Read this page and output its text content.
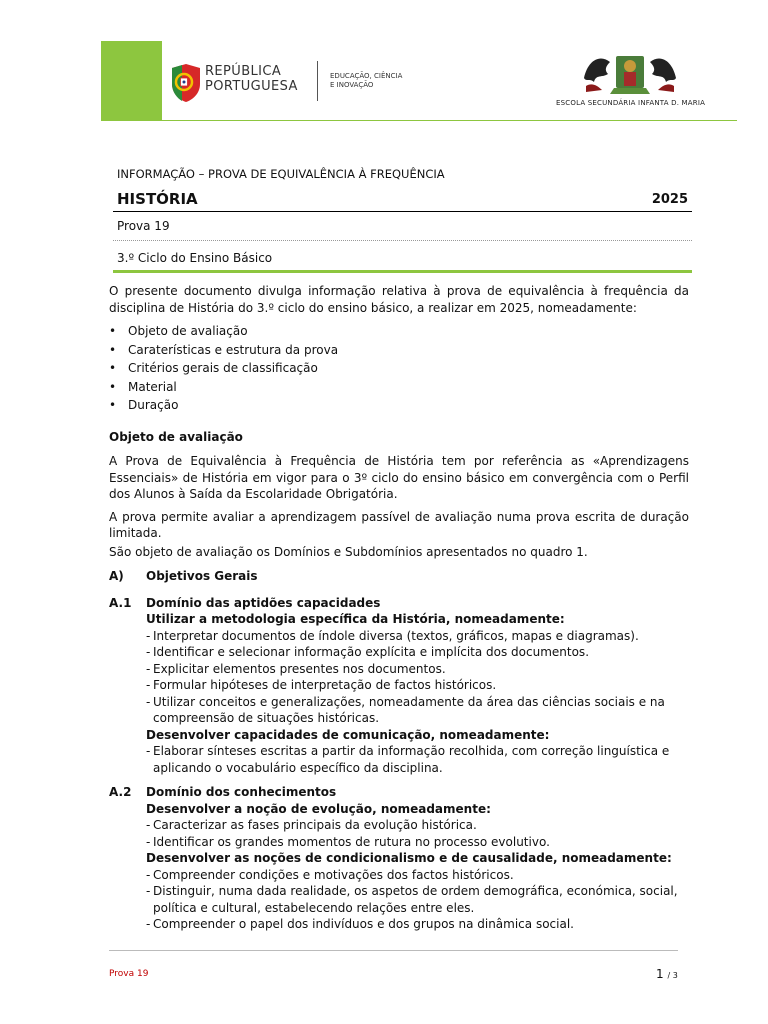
REPÚBLICA
PORTUGUESA
EDUCAÇÃO, CIÊNCIA
E INOVAÇÃO
ESCOLA SECUNDÁRIA INFANTA D. MARIA
INFORMAÇÃO – PROVA DE EQUIVALÊNCIA À FREQUÊNCIA
HISTÓRIA	2025
Prova 19
3.º Ciclo do Ensino Básico

O presente documento divulga informação relativa à prova de equivalência à frequência da disciplina de História do 3.º ciclo do ensino básico, a realizar em 2025, nomeadamente:

• Objeto de avaliação
• Caraterísticas e estrutura da prova
• Critérios gerais de classificação
• Material
• Duração
Objeto de avaliação

A Prova de Equivalência à Frequência de História tem por referência as «Aprendizagens Essenciais» de História em vigor para o 3º ciclo do ensino básico em convergência com o Perfil dos Alunos à Saída da Escolaridade Obrigatória.

A prova permite avaliar a aprendizagem passível de avaliação numa prova escrita de duração limitada.

São objeto de avaliação os Domínios e Subdomínios apresentados no quadro 1.

A)	Objetivos Gerais
A.1	Domínio das aptidões capacidades

Utilizar a metodologia específica da História, nomeadamente:

- Interpretar documentos de índole diversa (textos, gráficos, mapas e diagramas).

- Identificar e selecionar informação explícita e implícita dos documentos.

- Explicitar elementos presentes nos documentos.

- Formular hipóteses de interpretação de factos históricos.

- Utilizar conceitos e generalizações, nomeadamente da área das ciências sociais e na compreensão de situações históricas.

Desenvolver capacidades de comunicação, nomeadamente:

- Elaborar sínteses escritas a partir da informação recolhida, com correção linguística e aplicando o vocabulário específico da disciplina.

A.2	Domínio dos conhecimentos

Desenvolver a noção de evolução, nomeadamente:

- Caracterizar as fases principais da evolução histórica.

- Identificar os grandes momentos de rutura no processo evolutivo.

Desenvolver as noções de condicionalismo e de causalidade, nomeadamente:

- Compreender condições e motivações dos factos históricos.

- Distinguir, numa dada realidade, os aspetos de ordem demográfica, económica, social, política e cultural, estabelecendo relações entre eles.

- Compreender o papel dos indivíduos e dos grupos na dinâmica social.

Prova 19	1 / 3
